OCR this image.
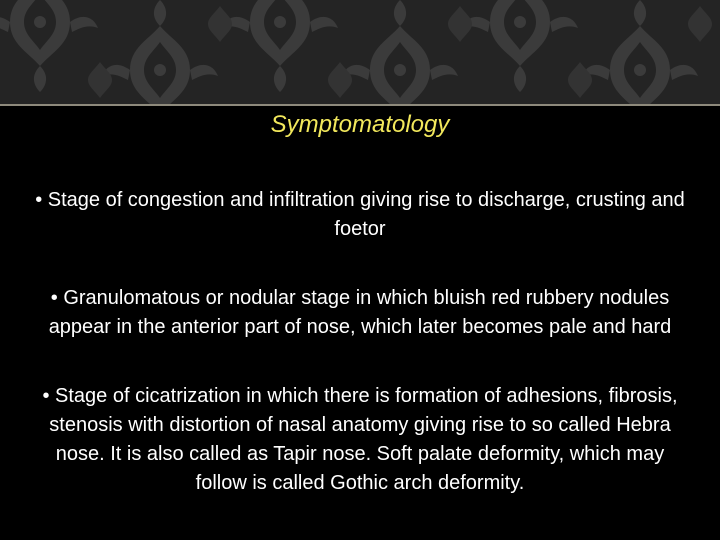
Symptomatology

• Stage of congestion and infiltration giving rise to discharge, crusting and foetor

• Granulomatous or nodular stage in which bluish red rubbery nodules appear in the anterior part of nose, which later becomes pale and hard

• Stage of cicatrization in which there is formation of adhesions, fibrosis, stenosis with distortion of nasal anatomy giving rise to so called Hebra nose. It is also called as Tapir nose. Soft palate deformity, which may follow is called Gothic arch deformity.
